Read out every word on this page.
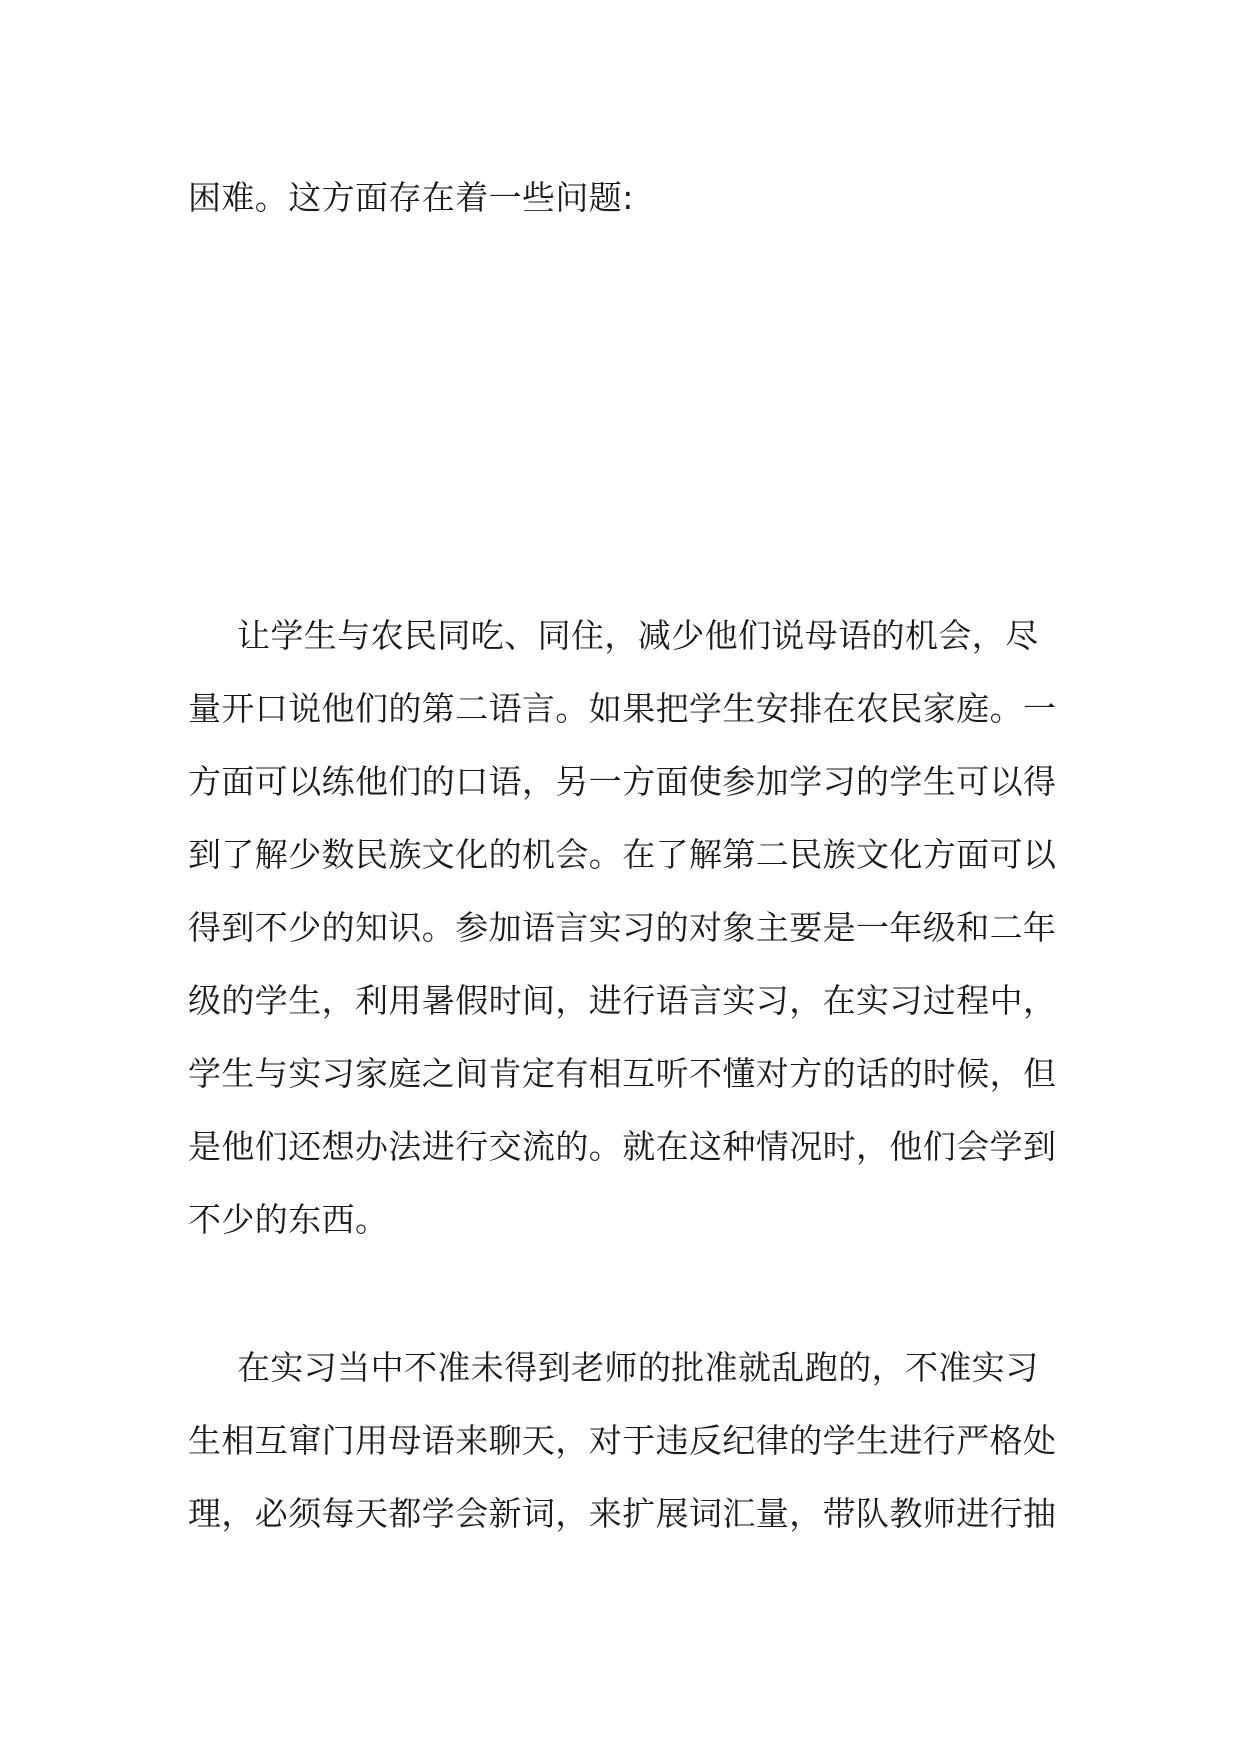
困难。这方面存在着一些问题:
让学生与农民同吃、同住，减少他们说母语的机会，尽
量开口说他们的第二语言。如果把学生安排在农民家庭。一
方面可以练他们的口语，另一方面使参加学习的学生可以得
到了解少数民族文化的机会。在了解第二民族文化方面可以
得到不少的知识。参加语言实习的对象主要是一年级和二年
级的学生，利用暑假时间，进行语言实习，在实习过程中，
学生与实习家庭之间肯定有相互听不懂对方的话的时候，但
是他们还想办法进行交流的。就在这种情况时，他们会学到
不少的东西。
在实习当中不准未得到老师的批准就乱跑的，不准实习
生相互窜门用母语来聊天，对于违反纪律的学生进行严格处
理，必须每天都学会新词，来扩展词汇量，带队教师进行抽
